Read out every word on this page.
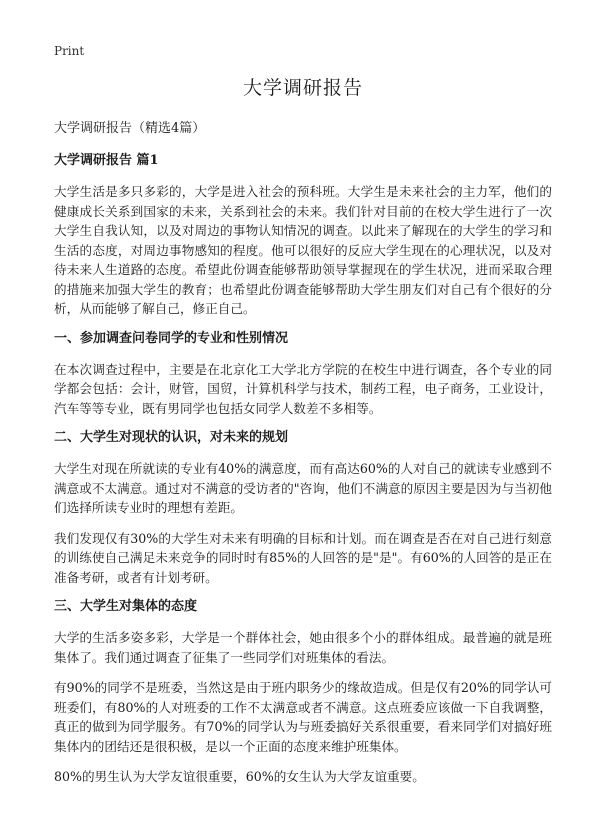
Print
大学调研报告
大学调研报告（精选4篇）
大学调研报告 篇1

大学生活是多只多彩的，大学是进入社会的预科班。大学生是未来社会的主力军，他们的健康成长关系到国家的未来，关系到社会的未来。我们针对目前的在校大学生进行了一次大学生自我认知，以及对周边的事物认知情况的调查。以此来了解现在的大学生的学习和生活的态度，对周边事物感知的程度。他可以很好的反应大学生现在的心理状况，以及对待未来人生道路的态度。希望此份调查能够帮助领导掌握现在的学生状况，进而采取合理的措施来加强大学生的教育；也希望此份调查能够帮助大学生朋友们对自己有个很好的分析，从而能够了解自己，修正自己。

一、参加调查问卷同学的专业和性别情况

在本次调查过程中，主要是在北京化工大学北方学院的在校生中进行调查，各个专业的同学都会包括：会计，财管，国贸，计算机科学与技术，制药工程，电子商务，工业设计，汽车等等专业，既有男同学也包括女同学人数差不多相等。

二、大学生对现状的认识，对未来的规划

大学生对现在所就读的专业有40%的满意度，而有高达60%的人对自己的就读专业感到不满意或不太满意。通过对不满意的受访者的"咨询，他们不满意的原因主要是因为与当初他们选择所读专业时的理想有差距。

我们发现仅有30%的大学生对未来有明确的目标和计划。而在调查是否在对自己进行刻意的训练使自己满足未来竞争的同时时有85%的人回答的是"是"。有60%的人回答的是正在准备考研，或者有计划考研。

三、大学生对集体的态度

大学的生活多姿多彩，大学是一个群体社会，她由很多个小的群体组成。最普遍的就是班集体了。我们通过调查了征集了一些同学们对班集体的看法。

有90%的同学不是班委，当然这是由于班内职务少的缘故造成。但是仅有20%的同学认可班委们，有80%的人对班委的工作不太满意或者不满意。这点班委应该做一下自我调整，真正的做到为同学服务。有70%的同学认为与班委搞好关系很重要，看来同学们对搞好班集体内的团结还是很积极，是以一个正面的态度来维护班集体。

80%的男生认为大学友谊很重要，60%的女生认为大学友谊重要。
